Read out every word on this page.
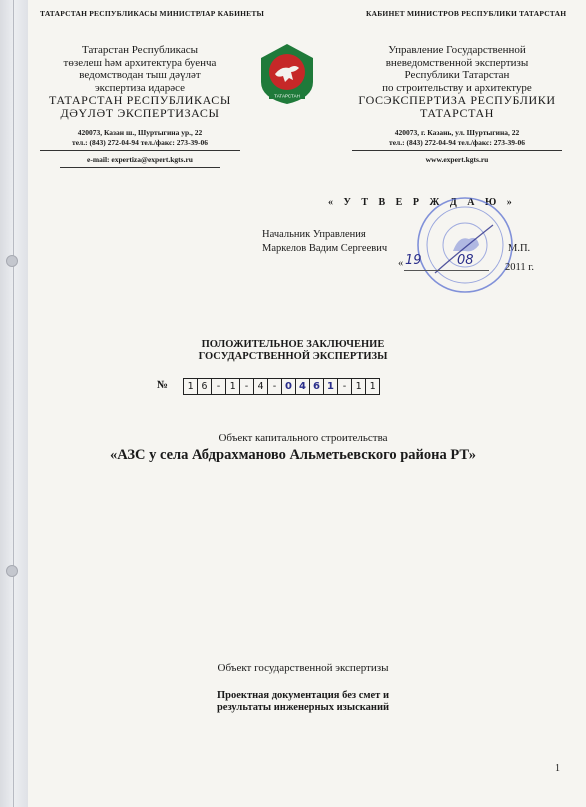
ТАТАРСТАН РЕСПУБЛИКАСЫ МИНИСТРЛАР КАБИНЕТЫ
Татарстан Республикасы
төзелеш һәм архитектура буенча
ведомстводан тыш дәүләт
экспертиза идарәсе
ТАТАРСТАН РЕСПУБЛИКАСЫ
ДӘҮЛӘТ ЭКСПЕРТИЗАСЫ
420073, Казан ш., Шуртыгина ур., 22
тел.: (843) 272-04-94 тел./факс: 273-39-06
e-mail: expertiza@expert.kgts.ru
ТАТАРСТАН
КАБИНЕТ МИНИСТРОВ РЕСПУБЛИКИ ТАТАРСТАН
Управление Государственной
вневедомственной экспертизы
Республики Татарстан
по строительству и архитектуре
ГОСЭКСПЕРТИЗА РЕСПУБЛИКИ
ТАТАРСТАН
420073, г. Казань, ул. Шуртыгина, 22
тел.: (843) 272-04-94 тел./факс: 273-39-06
www.expert.kgts.ru
« У Т В Е Р Ж Д А Ю »
Начальник Управления
Маркелов Вадим Сергеевич	М.П.
« 19	08	2011 г.
ПОЛОЖИТЕЛЬНОЕ ЗАКЛЮЧЕНИЕ
ГОСУДАРСТВЕННОЙ ЭКСПЕРТИЗЫ
№	1 6 - 1 - 4 - 0 4 6 1 - 1 1
Объект капитального строительства
«АЗС у села Абдрахманово Альметьевского района РТ»
Объект государственной экспертизы
Проектная документация без смет и
результаты инженерных изысканий
1
